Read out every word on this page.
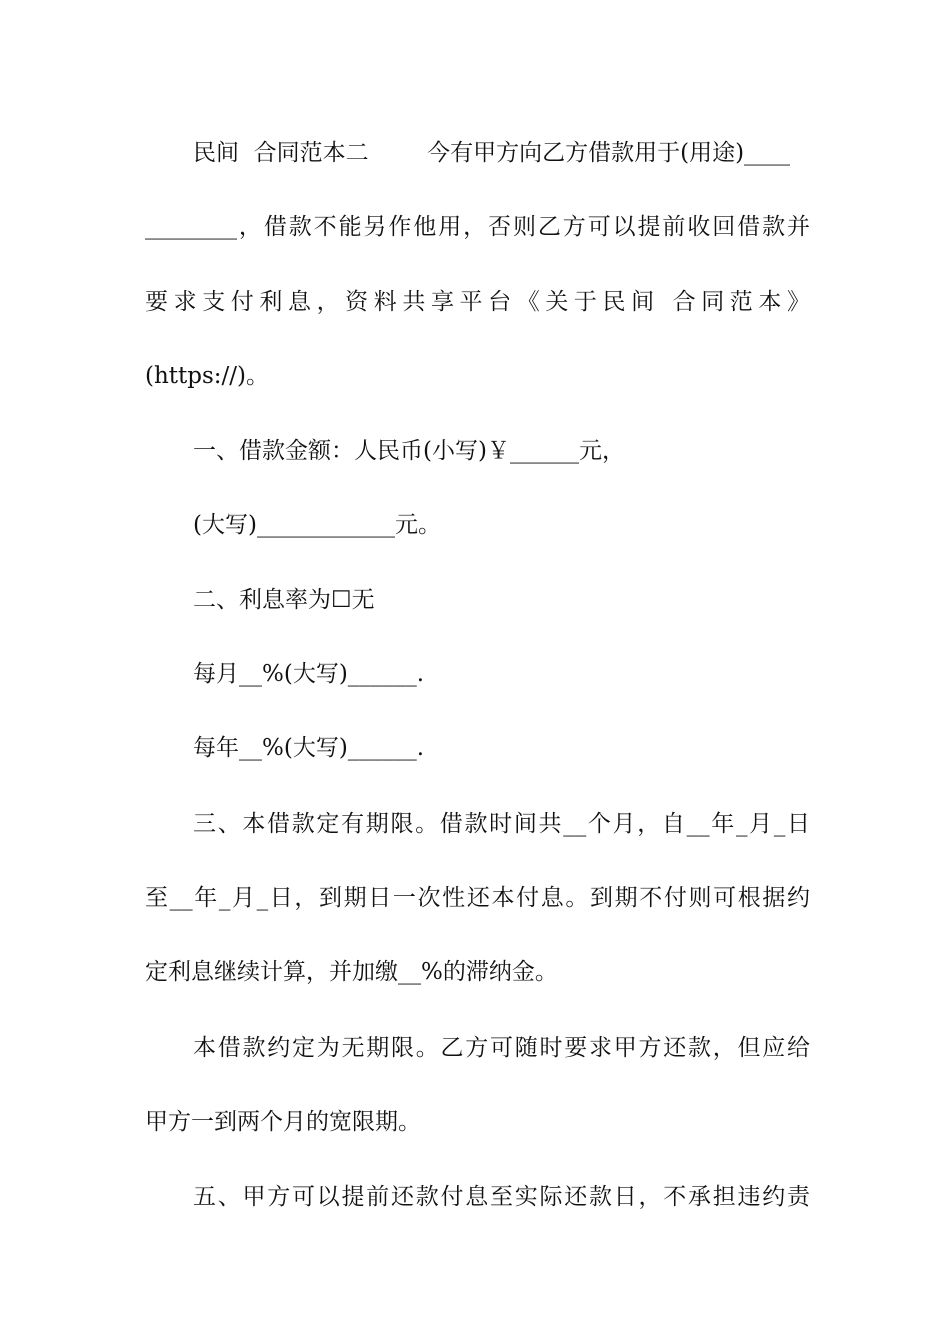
民间  合同范本二        今有甲方向乙方借款用于(用途)____
________，借款不能另作他用，否则乙方可以提前收回借款并
要求支付利息，资料共享平台《关于民间 合同范本》
(https://)。
一、借款金额：人民币(小写)￥______元，
(大写)____________元。
二、利息率为☐无
每月__%(大写)______.
每年__%(大写)______.
三、本借款定有期限。借款时间共__个月，自__年_月_日
至__年_月_日，到期日一次性还本付息。到期不付则可根据约
定利息继续计算，并加缴__%的滞纳金。
本借款约定为无期限。乙方可随时要求甲方还款，但应给
甲方一到两个月的宽限期。
五、甲方可以提前还款付息至实际还款日，不承担违约责
